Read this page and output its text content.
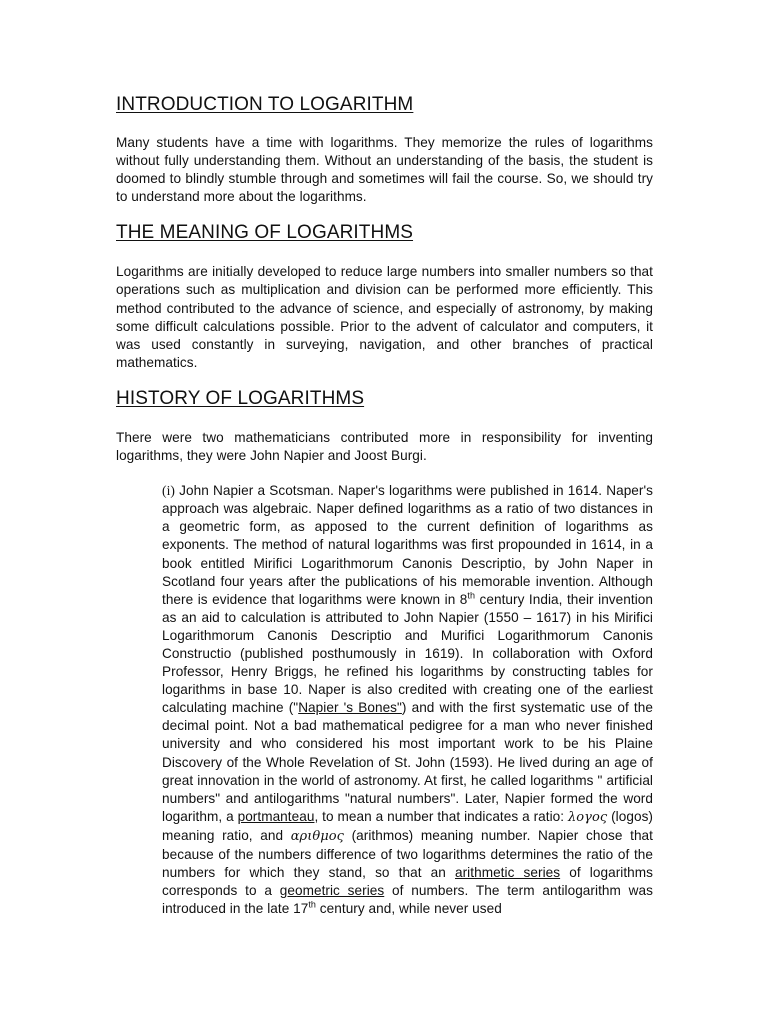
INTRODUCTION TO LOGARITHM

Many students have a time with logarithms. They memorize the rules of logarithms without fully understanding them. Without an understanding of the basis, the student is doomed to blindly stumble through and sometimes will fail the course. So, we should try to understand more about the logarithms.

THE MEANING OF LOGARITHMS

Logarithms are initially developed to reduce large numbers into smaller numbers so that operations such as multiplication and division can be performed more efficiently. This method contributed to the advance of science, and especially of astronomy, by making some difficult calculations possible. Prior to the advent of calculator and computers, it was used constantly in surveying, navigation, and other branches of practical mathematics.

HISTORY OF LOGARITHMS

There were two mathematicians contributed more in responsibility for inventing logarithms, they were John Napier and Joost Burgi.

(i) John Napier a Scotsman. Naper's logarithms were published in 1614. Naper's approach was algebraic. Naper defined logarithms as a ratio of two distances in a geometric form, as apposed to the current definition of logarithms as exponents. The method of natural logarithms was first propounded in 1614, in a book entitled Mirifici Logarithmorum Canonis Descriptio, by John Naper in Scotland four years after the publications of his memorable invention. Although there is evidence that logarithms were known in 8th century India, their invention as an aid to calculation is attributed to John Napier (1550 – 1617) in his Mirifici Logarithmorum Canonis Descriptio and Murifici Logarithmorum Canonis Constructio (published posthumously in 1619). In collaboration with Oxford Professor, Henry Briggs, he refined his logarithms by constructing tables for logarithms in base 10. Naper is also credited with creating one of the earliest calculating machine ("Napier 's Bones") and with the first systematic use of the decimal point. Not a bad mathematical pedigree for a man who never finished university and who considered his most important work to be his Plaine Discovery of the Whole Revelation of St. John (1593). He lived during an age of great innovation in the world of astronomy. At first, he called logarithms " artificial numbers" and antilogarithms "natural numbers". Later, Napier formed the word logarithm, a portmanteau, to mean a number that indicates a ratio: λογος (logos) meaning ratio, and αριθμος (arithmos) meaning number. Napier chose that because of the numbers difference of two logarithms determines the ratio of the numbers for which they stand, so that an arithmetic series of logarithms corresponds to a geometric series of numbers. The term antilogarithm was introduced in the late 17th century and, while never used
